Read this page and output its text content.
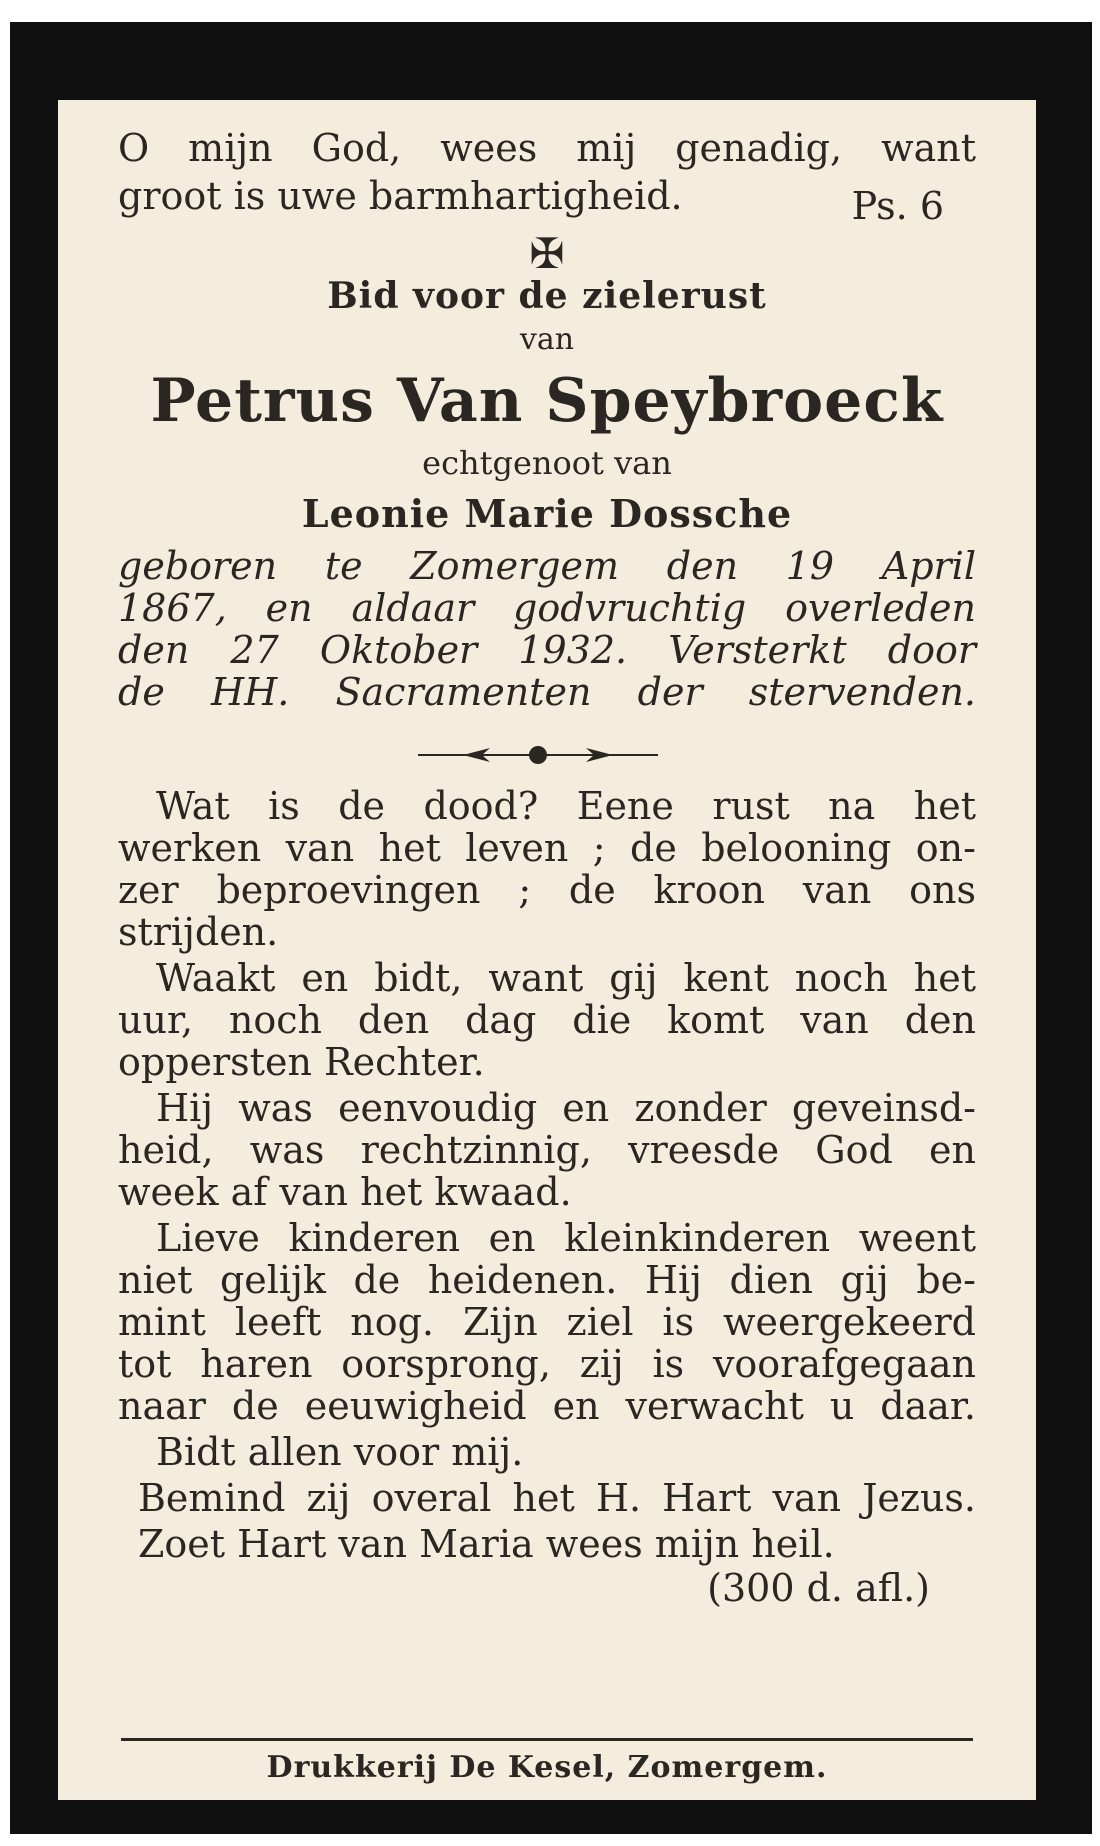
O mijn God, wees mij genadig, want
groot is uwe barmhartigheid.	Ps. 6
✠
Bid voor de zielerust
van
Petrus Van Speybroeck
echtgenoot van
Leonie Marie Dossche
geboren te Zomergem den 19 April
1867, en aldaar godvruchtig overleden
den 27 Oktober 1932. Versterkt door
de HH. Sacramenten der stervenden.
Wat is de dood? Eene rust na het
werken van het leven ; de belooning on-
zer beproevingen ; de kroon van ons
strijden.
Waakt en bidt, want gij kent noch het
uur, noch den dag die komt van den
oppersten Rechter.
Hij was eenvoudig en zonder geveinsd-
heid, was rechtzinnig, vreesde God en
week af van het kwaad.
Lieve kinderen en kleinkinderen weent
niet gelijk de heidenen. Hij dien gij be-
mint leeft nog. Zijn ziel is weergekeerd
tot haren oorsprong, zij is voorafgegaan
naar de eeuwigheid en verwacht u daar.
Bidt allen voor mij.
Bemind zij overal het H. Hart van Jezus.
Zoet Hart van Maria wees mijn heil.
(300 d. afl.)
Drukkerij De Kesel, Zomergem.
